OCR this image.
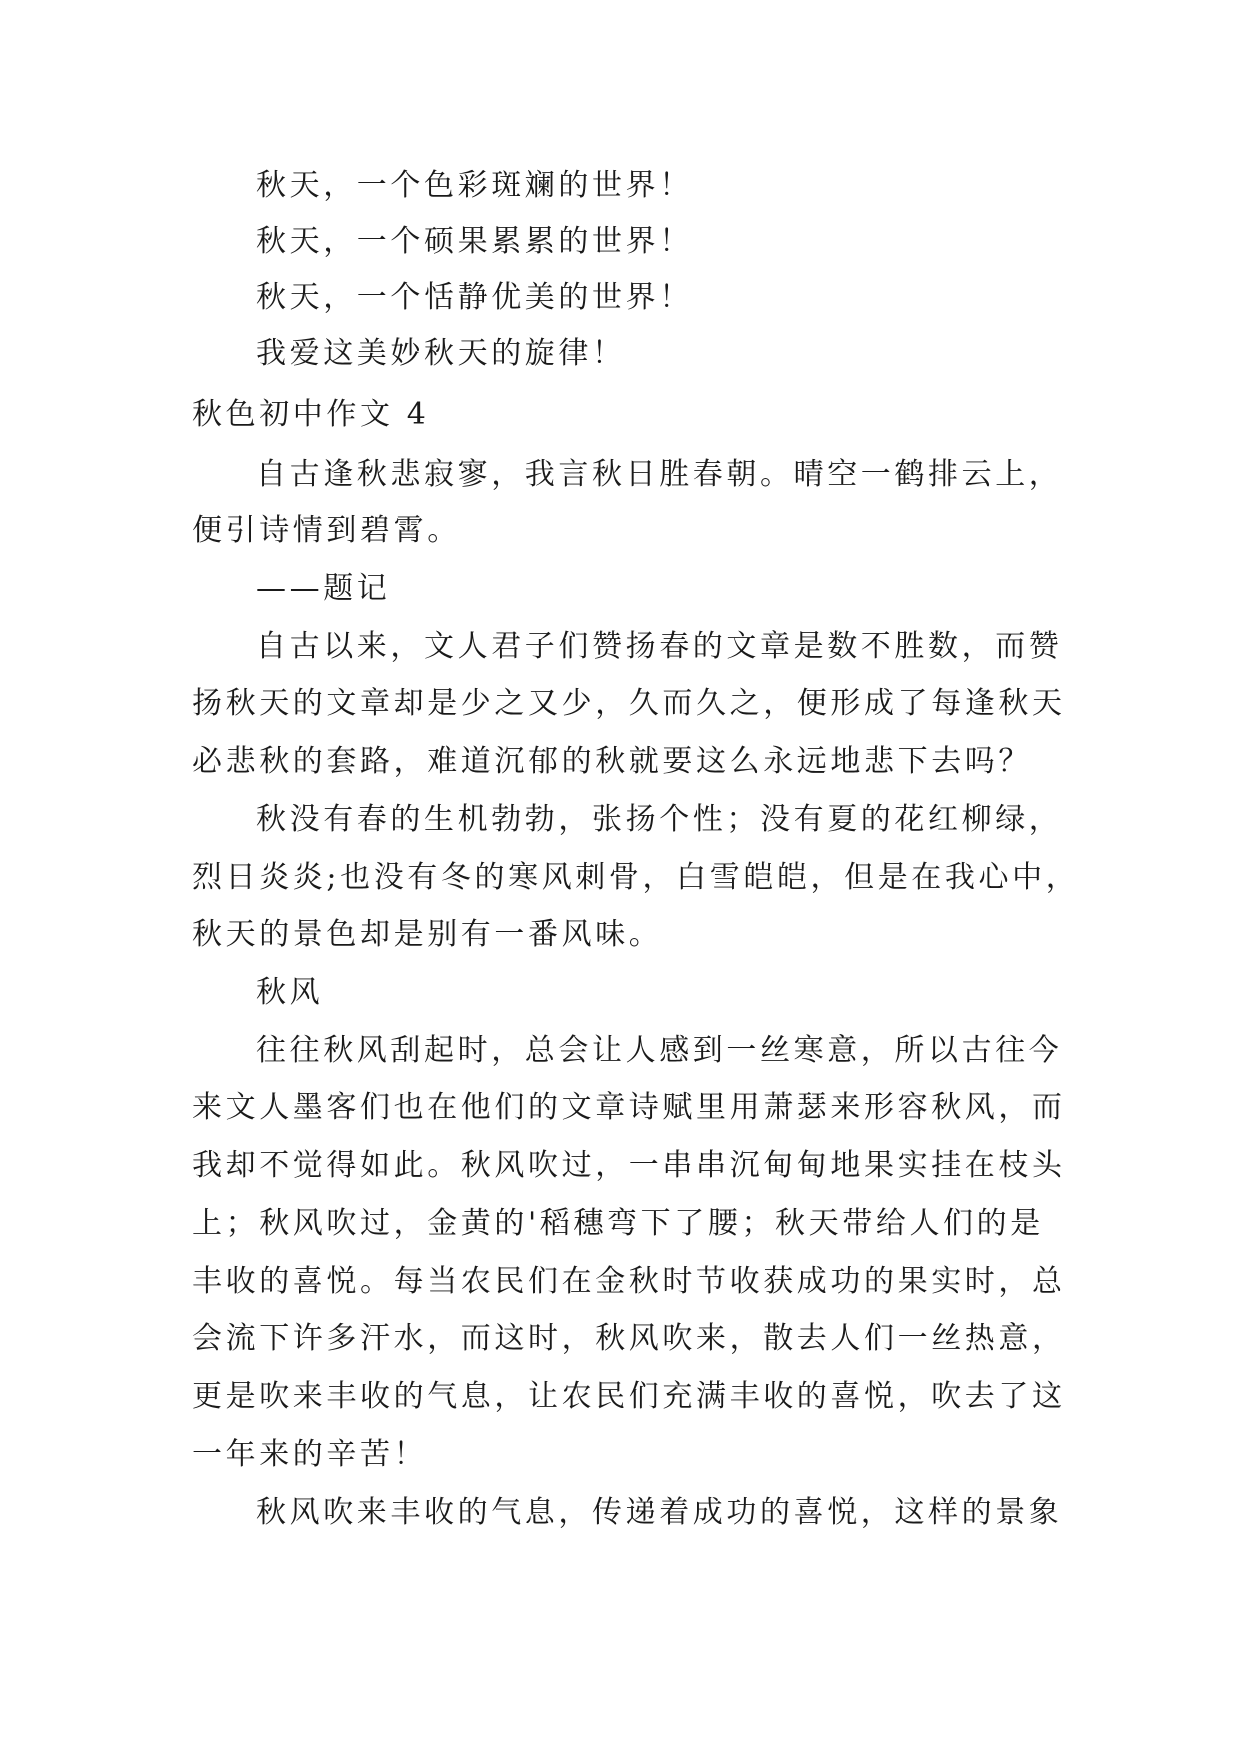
秋天，一个色彩斑斓的世界！
秋天，一个硕果累累的世界！
秋天，一个恬静优美的世界！
我爱这美妙秋天的旋律！
秋色初中作文 4
自古逢秋悲寂寥，我言秋日胜春朝。晴空一鹤排云上，
便引诗情到碧霄。
——题记
自古以来，文人君子们赞扬春的文章是数不胜数，而赞
扬秋天的文章却是少之又少，久而久之，便形成了每逢秋天
必悲秋的套路，难道沉郁的秋就要这么永远地悲下去吗？
秋没有春的生机勃勃，张扬个性；没有夏的花红柳绿，
烈日炎炎;也没有冬的寒风刺骨，白雪皑皑，但是在我心中，
秋天的景色却是别有一番风味。
秋风
往往秋风刮起时，总会让人感到一丝寒意，所以古往今
来文人墨客们也在他们的文章诗赋里用萧瑟来形容秋风，而
我却不觉得如此。秋风吹过，一串串沉甸甸地果实挂在枝头
上；秋风吹过，金黄的'稻穗弯下了腰；秋天带给人们的是
丰收的喜悦。每当农民们在金秋时节收获成功的果实时，总
会流下许多汗水，而这时，秋风吹来，散去人们一丝热意，
更是吹来丰收的气息，让农民们充满丰收的喜悦，吹去了这
一年来的辛苦！
秋风吹来丰收的气息，传递着成功的喜悦，这样的景象
